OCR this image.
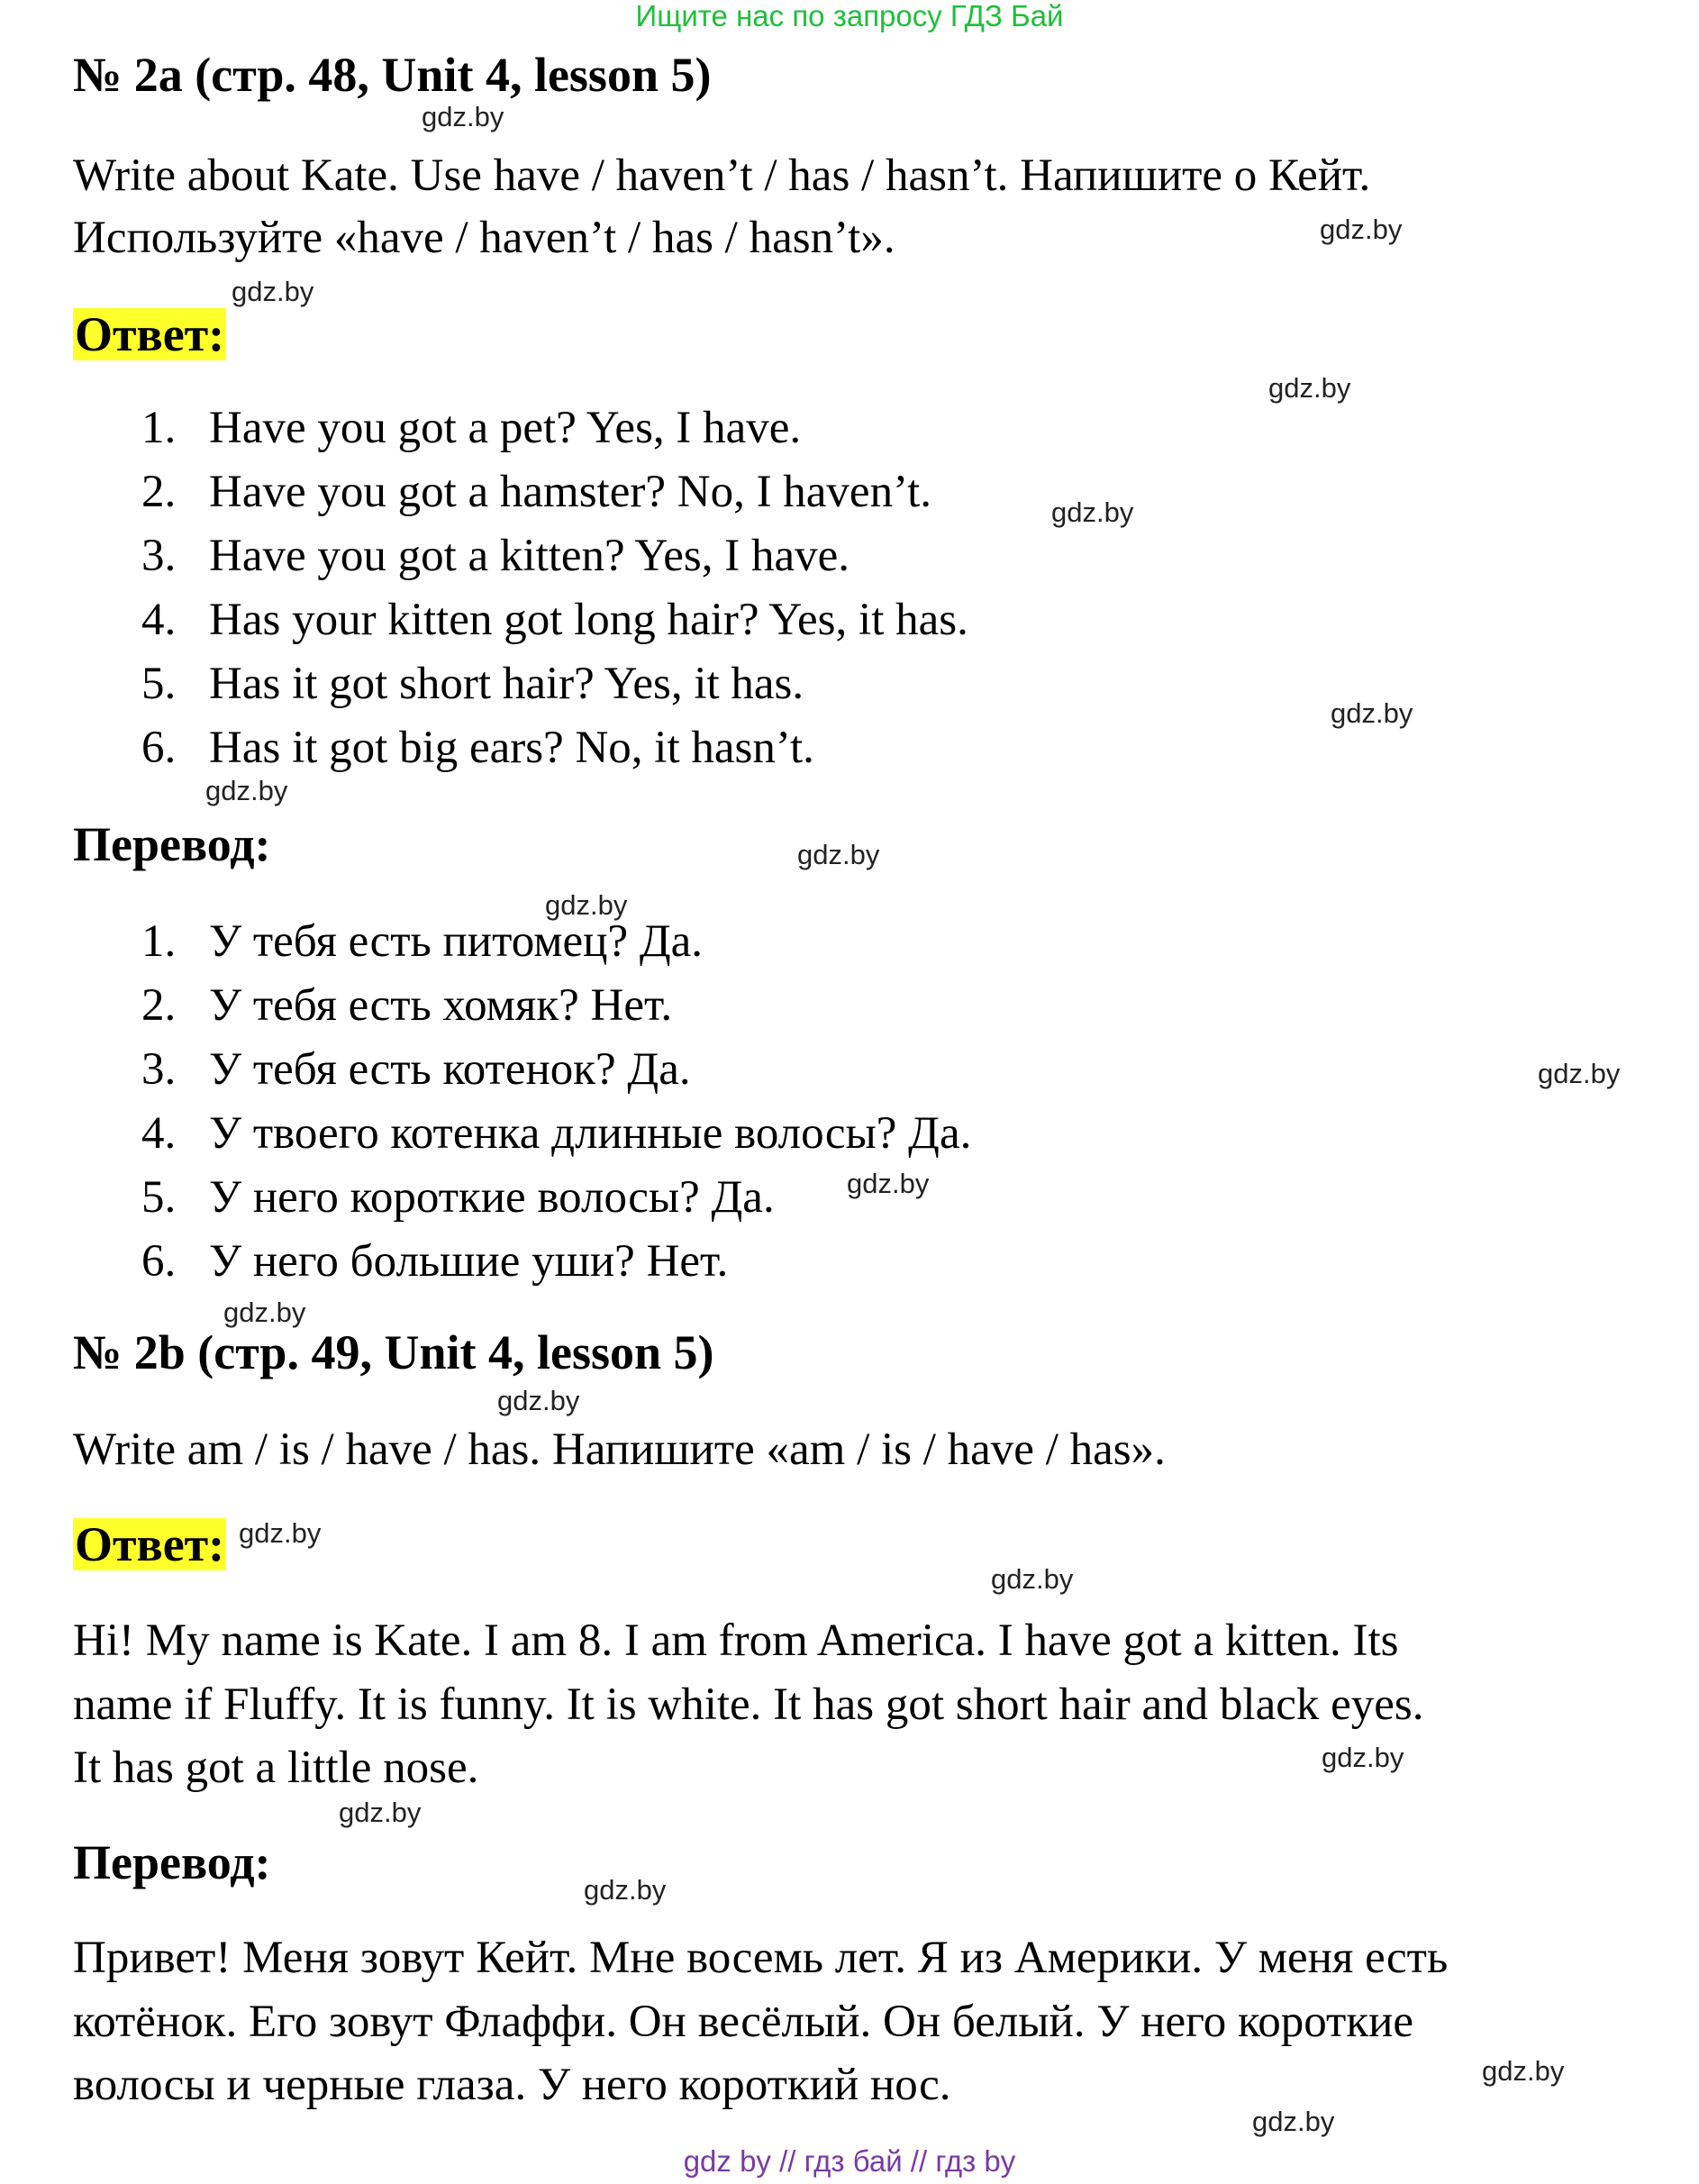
Ищите нас по запросу ГДЗ Бай
№ 2а (стр. 48, Unit 4, lesson 5)
Write about Kate. Use have / haven’t / has / hasn’t. Напишите о Кейт.
Используйте «have / haven’t / has / hasn’t».
Ответ:
1. Have you got a pet? Yes, I have.
2. Have you got a hamster? No, I haven’t.
3. Have you got a kitten? Yes, I have.
4. Has your kitten got long hair? Yes, it has.
5. Has it got short hair? Yes, it has.
6. Has it got big ears? No, it hasn’t.
Перевод:
1. У тебя есть питомец? Да.
2. У тебя есть хомяк? Нет.
3. У тебя есть котенок? Да.
4. У твоего котенка длинные волосы? Да.
5. У него короткие волосы? Да.
6. У него большие уши? Нет.
№ 2b (стр. 49, Unit 4, lesson 5)
Write am / is / have / has. Напишите «am / is / have / has».
Ответ:
Hi! My name is Kate. I am 8. I am from America. I have got a kitten. Its
name if Fluffy. It is funny. It is white. It has got short hair and black eyes.
It has got a little nose.
Перевод:
Привет! Меня зовут Кейт. Мне восемь лет. Я из Америки. У меня есть
котёнок. Его зовут Флаффи. Он весёлый. Он белый. У него короткие
волосы и черные глаза. У него короткий нос.
gdz.by
gdz.by
gdz.by
gdz.by
gdz.by
gdz.by
gdz.by
gdz.by
gdz.by
gdz.by
gdz.by
gdz.by
gdz.by
gdz.by
gdz.by
gdz.by
gdz.by
gdz.by
gdz.by
gdz.by
gdz by // гдз бай // гдз by
